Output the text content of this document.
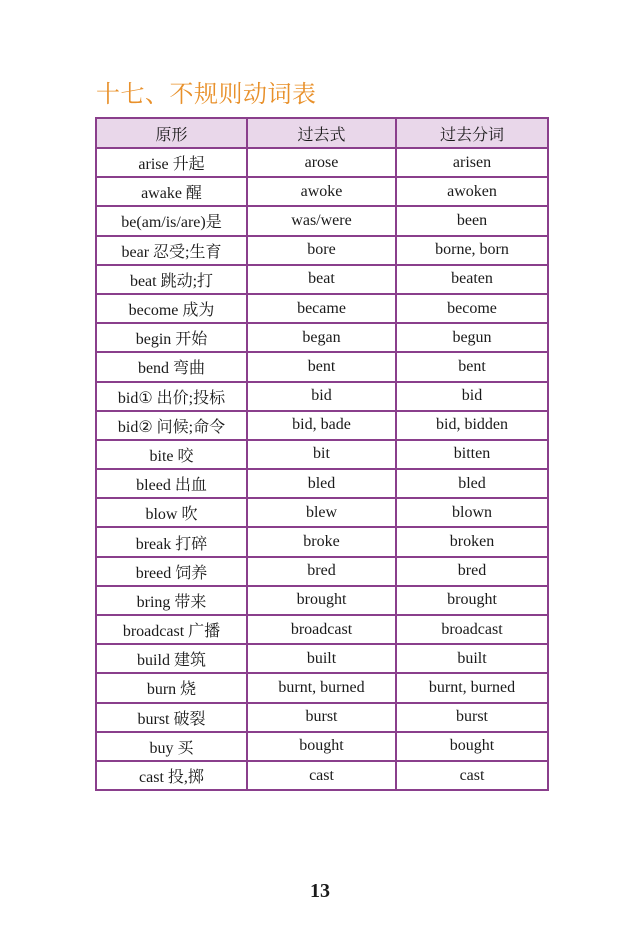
十七、不规则动词表
原形	过去式	过去分词
arise 升起	arose	arisen
awake 醒	awoke	awoken
be(am/is/are)是	was/were	been
bear 忍受;生育	bore	borne, born
beat 跳动;打	beat	beaten
become 成为	became	become
begin 开始	began	begun
bend 弯曲	bent	bent
bid① 出价;投标	bid	bid
bid② 问候;命令	bid, bade	bid, bidden
bite 咬	bit	bitten
bleed 出血	bled	bled
blow 吹	blew	blown
break 打碎	broke	broken
breed 饲养	bred	bred
bring 带来	brought	brought
broadcast 广播	broadcast	broadcast
build 建筑	built	built
burn 烧	burnt, burned	burnt, burned
burst 破裂	burst	burst
buy 买	bought	bought
cast 投,掷	cast	cast
13
